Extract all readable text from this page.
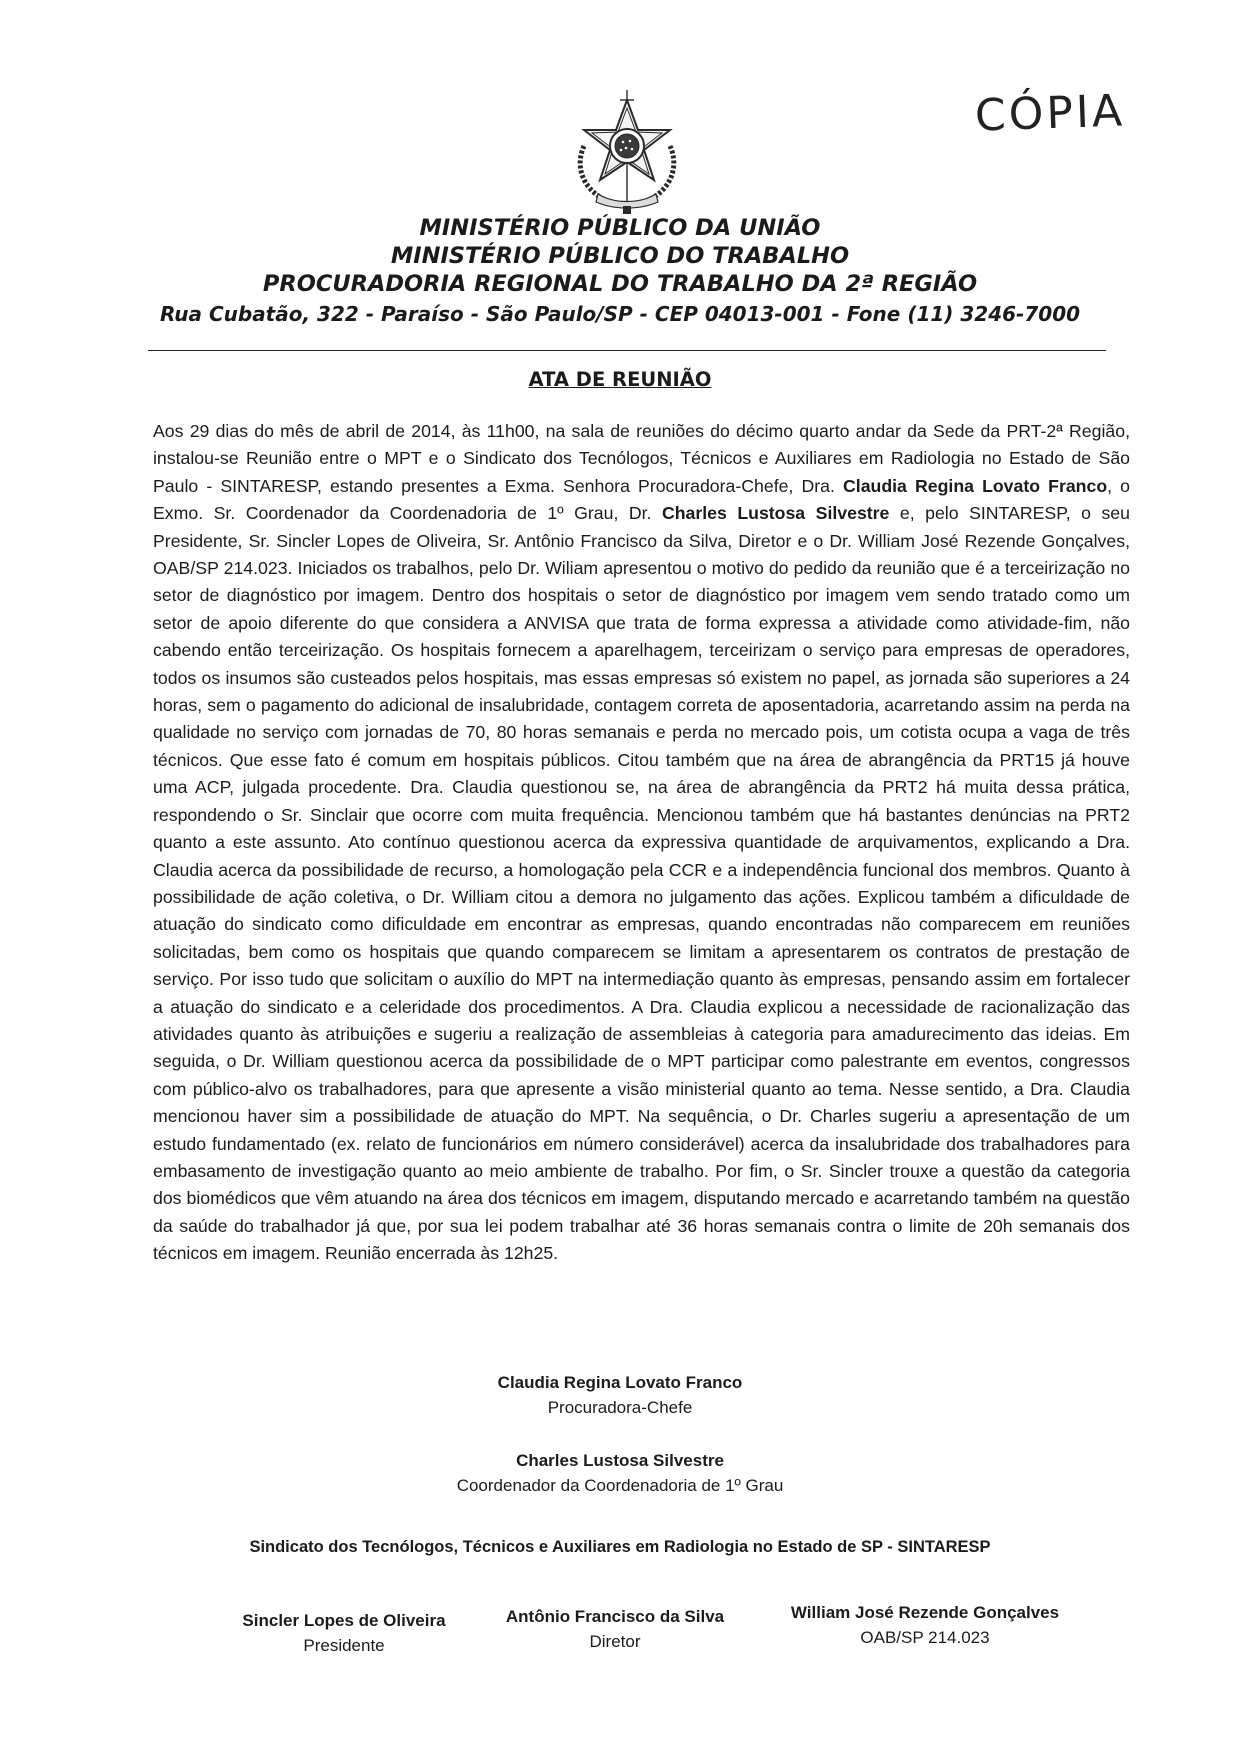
CÓPIA
MINISTÉRIO PÚBLICO DA UNIÃO
MINISTÉRIO PÚBLICO DO TRABALHO
PROCURADORIA REGIONAL DO TRABALHO DA 2ª REGIÃO
Rua Cubatão, 322 - Paraíso - São Paulo/SP - CEP 04013-001 - Fone (11) 3246-7000
ATA DE REUNIÃO
Aos 29 dias do mês de abril de 2014, às 11h00, na sala de reuniões do décimo quarto andar da Sede da PRT-2ª Região, instalou-se Reunião entre o MPT e o Sindicato dos Tecnólogos, Técnicos e Auxiliares em Radiologia no Estado de São Paulo - SINTARESP, estando presentes a Exma. Senhora Procuradora-Chefe, Dra. Claudia Regina Lovato Franco, o Exmo. Sr. Coordenador da Coordenadoria de 1º Grau, Dr. Charles Lustosa Silvestre e, pelo SINTARESP, o seu Presidente, Sr. Sincler Lopes de Oliveira, Sr. Antônio Francisco da Silva, Diretor e o Dr. William José Rezende Gonçalves, OAB/SP 214.023. Iniciados os trabalhos, pelo Dr. Wiliam apresentou o motivo do pedido da reunião que é a terceirização no setor de diagnóstico por imagem. Dentro dos hospitais o setor de diagnóstico por imagem vem sendo tratado como um setor de apoio diferente do que considera a ANVISA que trata de forma expressa a atividade como atividade-fim, não cabendo então terceirização. Os hospitais fornecem a aparelhagem, terceirizam o serviço para empresas de operadores, todos os insumos são custeados pelos hospitais, mas essas empresas só existem no papel, as jornada são superiores a 24 horas, sem o pagamento do adicional de insalubridade, contagem correta de aposentadoria, acarretando assim na perda na qualidade no serviço com jornadas de 70, 80 horas semanais e perda no mercado pois, um cotista ocupa a vaga de três técnicos. Que esse fato é comum em hospitais públicos. Citou também que na área de abrangência da PRT15 já houve uma ACP, julgada procedente. Dra. Claudia questionou se, na área de abrangência da PRT2 há muita dessa prática, respondendo o Sr. Sinclair que ocorre com muita frequência. Mencionou também que há bastantes denúncias na PRT2 quanto a este assunto. Ato contínuo questionou acerca da expressiva quantidade de arquivamentos, explicando a Dra. Claudia acerca da possibilidade de recurso, a homologação pela CCR e a independência funcional dos membros. Quanto à possibilidade de ação coletiva, o Dr. William citou a demora no julgamento das ações. Explicou também a dificuldade de atuação do sindicato como dificuldade em encontrar as empresas, quando encontradas não comparecem em reuniões solicitadas, bem como os hospitais que quando comparecem se limitam a apresentarem os contratos de prestação de serviço. Por isso tudo que solicitam o auxílio do MPT na intermediação quanto às empresas, pensando assim em fortalecer a atuação do sindicato e a celeridade dos procedimentos. A Dra. Claudia explicou a necessidade de racionalização das atividades quanto às atribuições e sugeriu a realização de assembleias à categoria para amadurecimento das ideias. Em seguida, o Dr. William questionou acerca da possibilidade de o MPT participar como palestrante em eventos, congressos com público-alvo os trabalhadores, para que apresente a visão ministerial quanto ao tema. Nesse sentido, a Dra. Claudia mencionou haver sim a possibilidade de atuação do MPT. Na sequência, o Dr. Charles sugeriu a apresentação de um estudo fundamentado (ex. relato de funcionários em número considerável) acerca da insalubridade dos trabalhadores para embasamento de investigação quanto ao meio ambiente de trabalho. Por fim, o Sr. Sincler trouxe a questão da categoria dos biomédicos que vêm atuando na área dos técnicos em imagem, disputando mercado e acarretando também na questão da saúde do trabalhador já que, por sua lei podem trabalhar até 36 horas semanais contra o limite de 20h semanais dos técnicos em imagem. Reunião encerrada às 12h25.
Claudia Regina Lovato Franco
Procuradora-Chefe
Charles Lustosa Silvestre
Coordenador da Coordenadoria de 1º Grau
Sindicato dos Tecnólogos, Técnicos e Auxiliares em Radiologia no Estado de SP - SINTARESP
Sincler Lopes de Oliveira
Presidente
Antônio Francisco da Silva
Diretor
William José Rezende Gonçalves
OAB/SP 214.023
